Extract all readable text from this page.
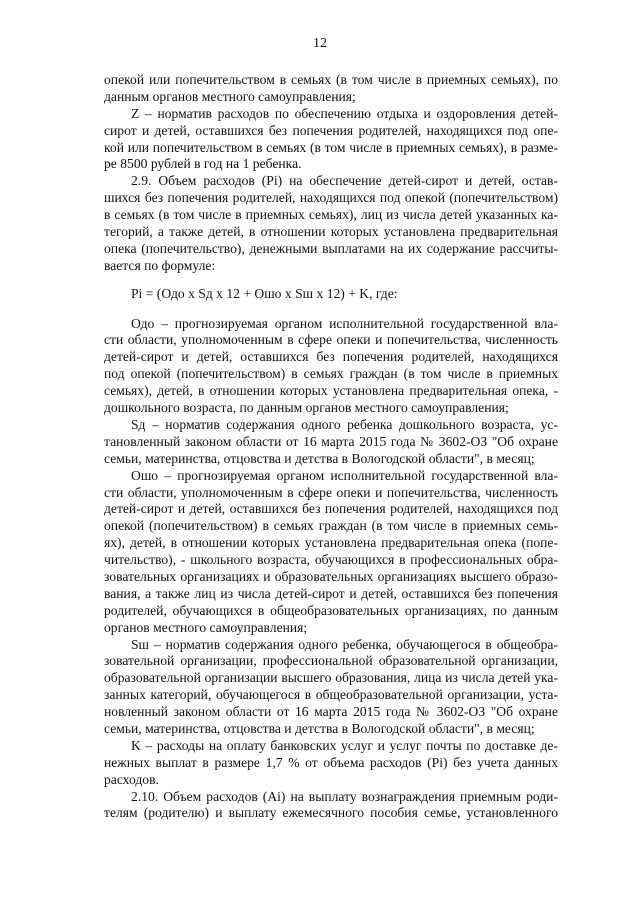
12
опекой или попечительством в семьях (в том числе в приемных семьях), по
данным органов местного самоуправления;
Z – норматив расходов по обеспечению отдыха и оздоровления детей-
сирот и детей, оставшихся без попечения родителей, находящихся под опе-
кой или попечительством в семьях (в том числе в приемных семьях), в разме-
ре 8500 рублей в год на 1 ребенка.
2.9. Объем расходов (Pi) на обеспечение детей-сирот и детей, остав-
шихся без попечения родителей, находящихся под опекой (попечительством)
в семьях (в том числе в приемных семьях), лиц из числа детей указанных ка-
тегорий, а также детей, в отношении которых установлена предварительная
опека (попечительство), денежными выплатами на их содержание рассчиты-
вается по формуле:
Pi = (Одо x Sд x 12 + Ошо x Sш x 12) + K, где:
Одо – прогнозируемая органом исполнительной государственной вла-
сти области, уполномоченным в сфере опеки и попечительства, численность
детей-сирот и детей, оставшихся без попечения родителей, находящихся
под опекой (попечительством) в семьях граждан (в том числе в приемных
семьях), детей, в отношении которых установлена предварительная опека, -
дошкольного возраста, по данным органов местного самоуправления;
Sд – норматив содержания одного ребенка дошкольного возраста, ус-
тановленный законом области от 16 марта 2015 года № 3602-ОЗ "Об охране
семьи, материнства, отцовства и детства в Вологодской области", в месяц;
Ошо – прогнозируемая органом исполнительной государственной вла-
сти области, уполномоченным в сфере опеки и попечительства, численность
детей-сирот и детей, оставшихся без попечения родителей, находящихся под
опекой (попечительством) в семьях граждан (в том числе в приемных семь-
ях), детей, в отношении которых установлена предварительная опека (попе-
чительство), - школьного возраста, обучающихся в профессиональных обра-
зовательных организациях и образовательных организациях высшего образо-
вания, а также лиц из числа детей-сирот и детей, оставшихся без попечения
родителей, обучающихся в общеобразовательных организациях, по данным
органов местного самоуправления;
Sш – норматив содержания одного ребенка, обучающегося в общеобра-
зовательной организации, профессиональной образовательной организации,
образовательной организации высшего образования, лица из числа детей ука-
занных категорий, обучающегося в общеобразовательной организации, уста-
новленный законом области от 16 марта 2015 года № 3602-ОЗ "Об охране
семьи, материнства, отцовства и детства в Вологодской области", в месяц;
K – расходы на оплату банковских услуг и услуг почты по доставке де-
нежных выплат в размере 1,7 % от объема расходов (Pi) без учета данных
расходов.
2.10. Объем расходов (Ai) на выплату вознаграждения приемным роди-
телям (родителю) и выплату ежемесячного пособия семье, установленного
